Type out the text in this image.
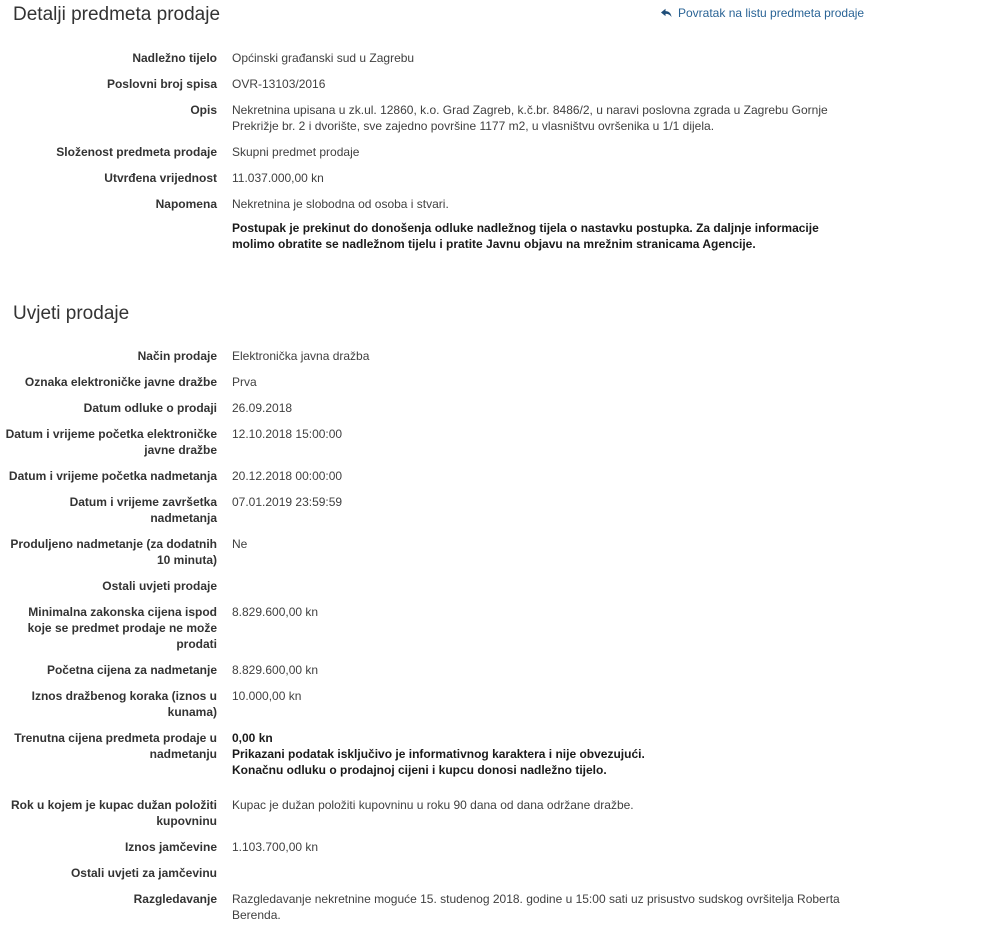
Detalji predmeta prodaje	Povratak na listu predmeta prodaje
Nadležno tijelo Općinski građanski sud u Zagrebu
Poslovni broj spisa OVR-13103/2016
Opis Nekretnina upisana u zk.ul. 12860, k.o. Grad Zagreb, k.č.br. 8486/2, u naravi poslovna zgrada u Zagrebu Gornje Prekrižje br. 2 i dvorište, sve zajedno površine 1177 m2, u vlasništvu ovršenika u 1/1 dijela.
Složenost predmeta prodaje Skupni predmet prodaje
Utvrđena vrijednost 11.037.000,00 kn
Napomena Nekretnina je slobodna od osoba i stvari.
Postupak je prekinut do donošenja odluke nadležnog tijela o nastavku postupka. Za daljnje informacije molimo obratite se nadležnom tijelu i pratite Javnu objavu na mrežnim stranicama Agencije.
Uvjeti prodaje
Način prodaje Elektronička javna dražba
Oznaka elektroničke javne dražbe Prva
Datum odluke o prodaji 26.09.2018
Datum i vrijeme početka elektroničke javne dražbe
12.10.2018 15:00:00
Datum i vrijeme početka nadmetanja 20.12.2018 00:00:00
Datum i vrijeme završetka nadmetanja
07.01.2019 23:59:59
Produljeno nadmetanje (za dodatnih 10 minuta)
Ne
Ostali uvjeti prodaje
Minimalna zakonska cijena ispod koje se predmet prodaje ne može prodati
8.829.600,00 kn
Početna cijena za nadmetanje 8.829.600,00 kn
Iznos dražbenog koraka (iznos u kunama)
10.000,00 kn
Trenutna cijena predmeta prodaje u nadmetanju
0,00 kn
Prikazani podatak isključivo je informativnog karaktera i nije obvezujući.
Konačnu odluku o prodajnoj cijeni i kupcu donosi nadležno tijelo.
Rok u kojem je kupac dužan položiti kupovninu
Kupac je dužan položiti kupovninu u roku 90 dana od dana održane dražbe.
Iznos jamčevine 1.103.700,00 kn
Ostali uvjeti za jamčevinu
Razgledavanje Razgledavanje nekretnine moguće 15. studenog 2018. godine u 15:00 sati uz prisustvo sudskog ovršitelja Roberta Berenda.
